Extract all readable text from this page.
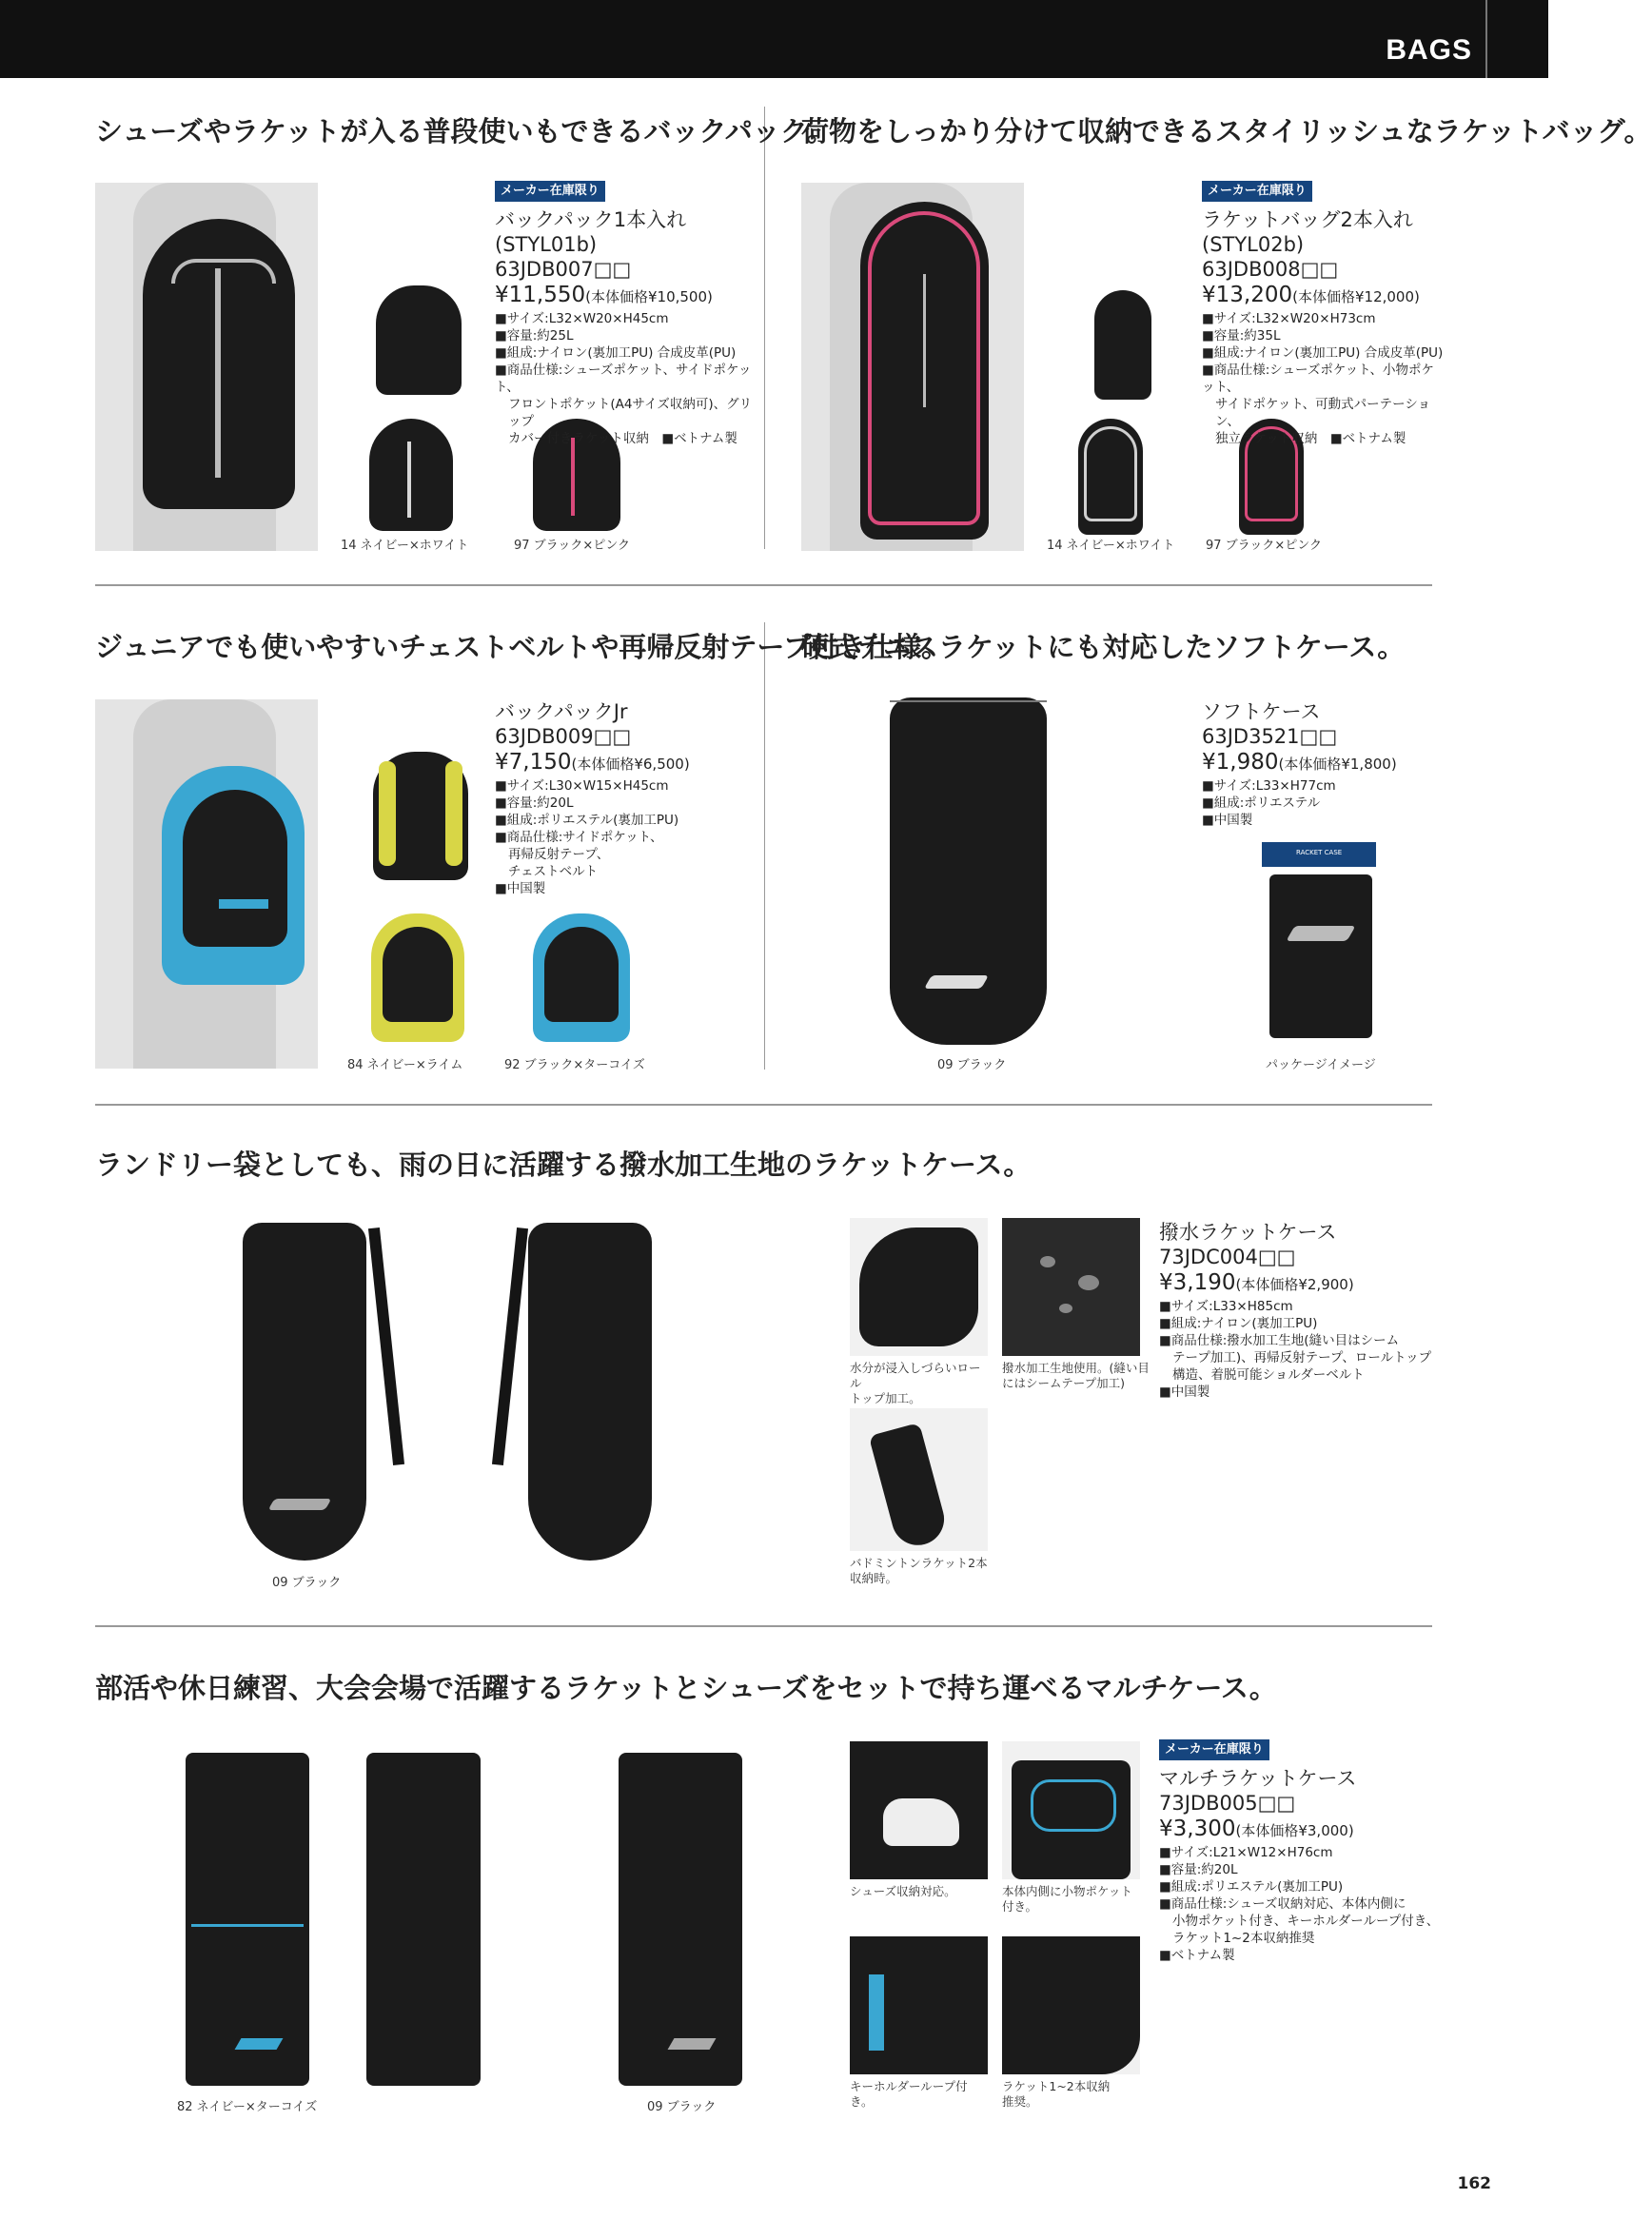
BAGS
シューズやラケットが入る普段使いもできるバックパック。
14 ネイビー×ホワイト	97 ブラック×ピンク
メーカー在庫限り
バックパック1本入れ
(STYL01b)
63JDB007□□
¥11,550(本体価格¥10,500)
■サイズ:L32×W20×H45cm
■容量:約25L
■組成:ナイロン(裏加工PU) 合成皮革(PU)
■商品仕様:シューズポケット、サイドポケット、
フロントポケット(A4サイズ収納可)、グリップ
カバー付きラケット収納　■ベトナム製
荷物をしっかり分けて収納できるスタイリッシュなラケットバッグ。
14 ネイビー×ホワイト	97 ブラック×ピンク
メーカー在庫限り
ラケットバッグ2本入れ
(STYL02b)
63JDB008□□
¥13,200(本体価格¥12,000)
■サイズ:L32×W20×H73cm
■容量:約35L
■組成:ナイロン(裏加工PU) 合成皮革(PU)
■商品仕様:シューズポケット、小物ポケット、
サイドポケット、可動式パーテーション、
独立ラケット収納　■ベトナム製
ジュニアでも使いやすいチェストベルトや再帰反射テープ付き仕様。
84 ネイビー×ライム	92 ブラック×ターコイズ
バックパックJr
63JDB009□□
¥7,150(本体価格¥6,500)
■サイズ:L30×W15×H45cm
■容量:約20L
■組成:ポリエステル(裏加工PU)
■商品仕様:サイドポケット、
再帰反射テープ、
チェストベルト
■中国製
硬式テニスラケットにも対応したソフトケース。
09 ブラック
RACKET CASE
パッケージイメージ
ソフトケース
63JD3521□□
¥1,980(本体価格¥1,800)
■サイズ:L33×H77cm
■組成:ポリエステル
■中国製
ランドリー袋としても、雨の日に活躍する撥水加工生地のラケットケース。
09 ブラック
水分が浸入しづらいロール
トップ加工。
撥水加工生地使用。(縫い目
にはシームテープ加工)
バドミントンラケット2本
収納時。
撥水ラケットケース
73JDC004□□
¥3,190(本体価格¥2,900)
■サイズ:L33×H85cm
■組成:ナイロン(裏加工PU)
■商品仕様:撥水加工生地(縫い目はシーム
テープ加工)、再帰反射テープ、ロールトップ
構造、着脱可能ショルダーベルト
■中国製
部活や休日練習、大会会場で活躍するラケットとシューズをセットで持ち運べるマルチケース。
82 ネイビー×ターコイズ	09 ブラック
シューズ収納対応。	本体内側に小物ポケット
付き。
キーホルダーループ付き。
ラケット1~2本収納
推奨。
メーカー在庫限り
マルチラケットケース
73JDB005□□
¥3,300(本体価格¥3,000)
■サイズ:L21×W12×H76cm
■容量:約20L
■組成:ポリエステル(裏加工PU)
■商品仕様:シューズ収納対応、本体内側に
小物ポケット付き、キーホルダーループ付き、
ラケット1~2本収納推奨
■ベトナム製
162
